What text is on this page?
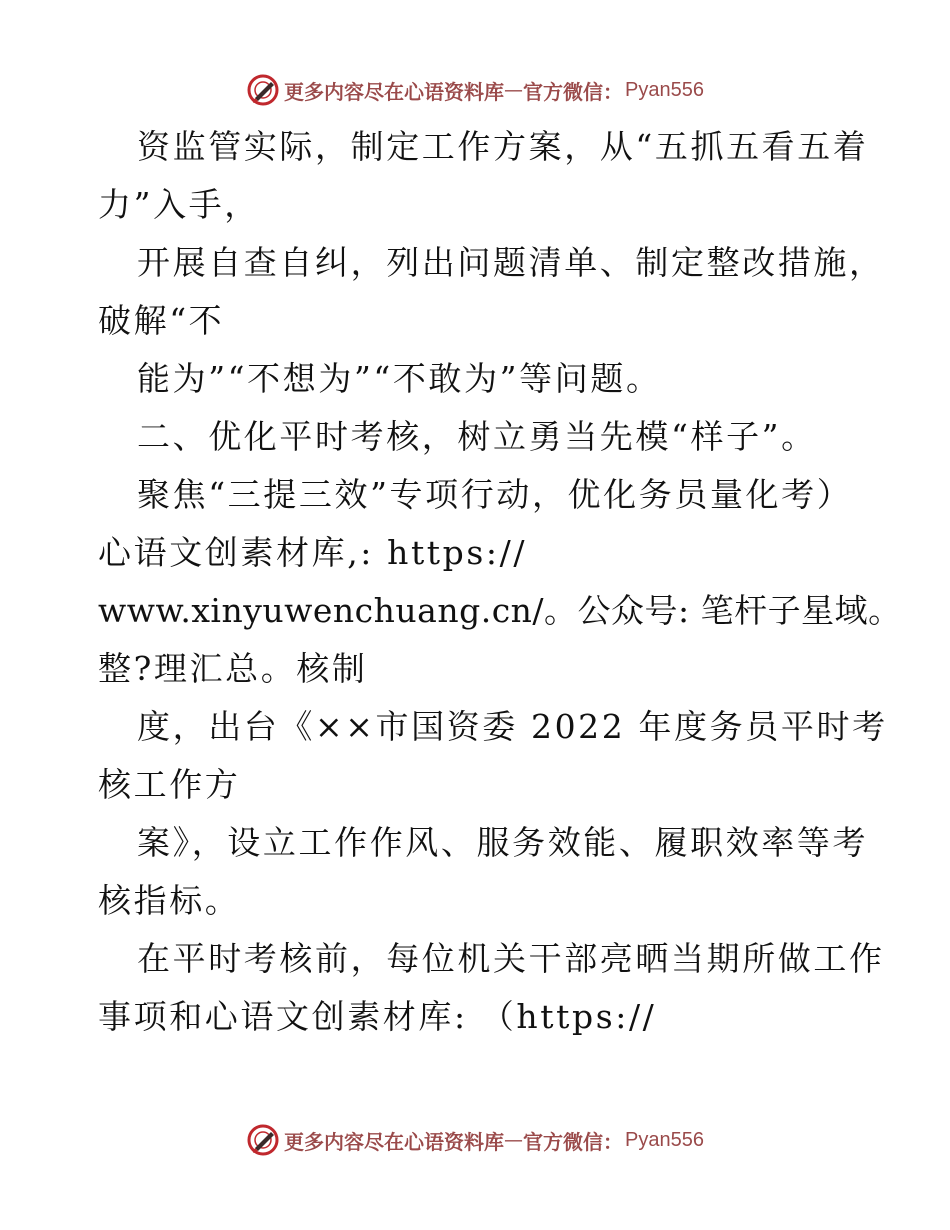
更多内容尽在心语资料库 — 官方微信： Pyan556
资监管实际，制定工作方案，从“五抓五看五着
力”入手，
开展自查自纠，列出问题清单、制定整改措施，
破解“不
能为”“不想为”“不敢为”等问题。
二、优化平时考核，树立勇当先模“样子”。
聚焦“三提三效”专项行动，优化务员量化考）
心语文创素材库,: https://
www.xinyuwenchuang.cn/。公众号: 笔杆子星域。
整?理汇总。核制
度，出台《××市国资委 2022 年度务员平时考
核工作方
案》，设立工作作风、服务效能、履职效率等考
核指标。
在平时考核前，每位机关干部亮晒当期所做工作
事项和心语文创素材库: （https://
更多内容尽在心语资料库 — 官方微信： Pyan556
